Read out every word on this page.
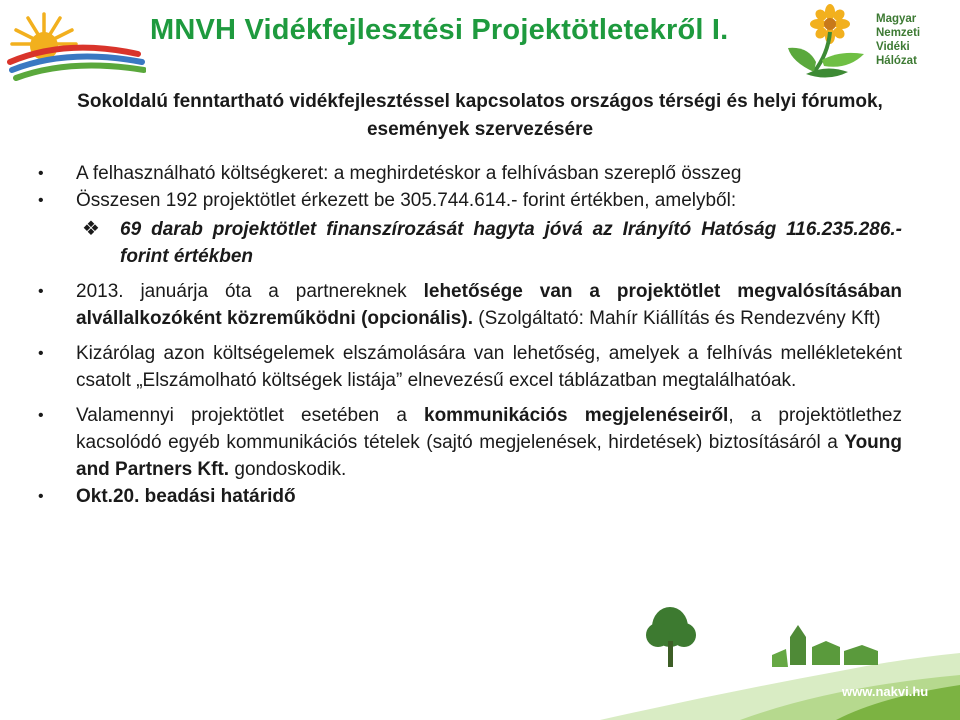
MNVH Vidékfejlesztési Projektötletekről I.	Magyar
Nemzeti
Vidéki
Hálózat

Sokoldalú fenntartható vidékfejlesztéssel kapcsolatos országos térségi és helyi fórumok, események szervezésére

• A felhasználható költségkeret: a meghirdetéskor a felhívásban szereplő összeg
• Összesen 192 projektötlet érkezett be 305.744.614.- forint értékben, amelyből:
❖ 69 darab projektötlet finanszírozását hagyta jóvá az Irányító Hatóság 116.235.286.- forint értékben
• 2013. januárja óta a partnereknek lehetősége van a projektötlet megvalósításában alvállalkozóként közreműködni (opcionális). (Szolgáltató: Mahír Kiállítás és Rendezvény Kft)
• Kizárólag azon költségelemek elszámolására van lehetőség, amelyek a felhívás mellékleteként csatolt „Elszámolható költségek listája” elnevezésű excel táblázatban megtalálhatóak.
• Valamennyi projektötlet esetében a kommunikációs megjelenéseiről, a projektötlethez kacsolódó egyéb kommunikációs tételek (sajtó megjelenések, hirdetések) biztosításáról a Young and Partners Kft. gondoskodik.
• Okt.20. beadási határidő
www.nakvi.hu
